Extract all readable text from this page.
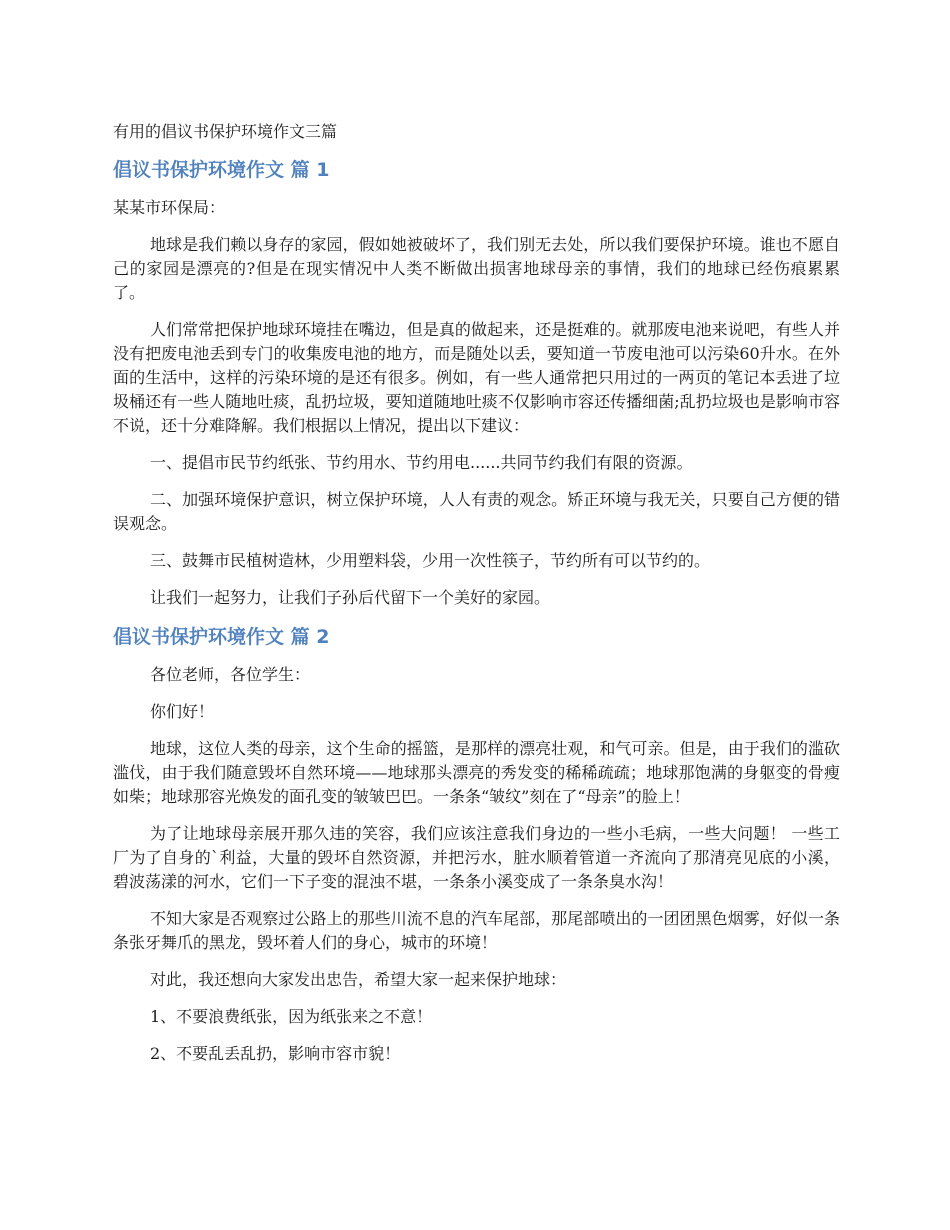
有用的倡议书保护环境作文三篇
倡议书保护环境作文 篇 1
某某市环保局：

地球是我们赖以身存的家园，假如她被破坏了，我们别无去处，所以我们要保护环境。谁也不愿自己的家园是漂亮的?但是在现实情况中人类不断做出损害地球母亲的事情，我们的地球已经伤痕累累了。

人们常常把保护地球环境挂在嘴边，但是真的做起来，还是挺难的。就那废电池来说吧，有些人并没有把废电池丢到专门的收集废电池的地方，而是随处以丢，要知道一节废电池可以污染60升水。在外面的生活中，这样的污染环境的是还有很多。例如，有一些人通常把只用过的一两页的笔记本丢进了垃圾桶还有一些人随地吐痰，乱扔垃圾，要知道随地吐痰不仅影响市容还传播细菌;乱扔垃圾也是影响市容不说，还十分难降解。我们根据以上情况，提出以下建议：

一、提倡市民节约纸张、节约用水、节约用电......共同节约我们有限的资源。

二、加强环境保护意识，树立保护环境，人人有责的观念。矫正环境与我无关，只要自己方便的错误观念。

三、鼓舞市民植树造林，少用塑料袋，少用一次性筷子，节约所有可以节约的。

让我们一起努力，让我们子孙后代留下一个美好的家园。

倡议书保护环境作文 篇 2

各位老师，各位学生：

你们好！

地球，这位人类的母亲，这个生命的摇篮，是那样的漂亮壮观，和气可亲。但是，由于我们的滥砍滥伐，由于我们随意毁坏自然环境——地球那头漂亮的秀发变的稀稀疏疏；地球那饱满的身躯变的骨瘦如柴；地球那容光焕发的面孔变的皱皱巴巴。一条条“皱纹”刻在了“母亲”的脸上！

为了让地球母亲展开那久违的笑容，我们应该注意我们身边的一些小毛病，一些大问题！ 一些工厂为了自身的`利益，大量的毁坏自然资源，并把污水，脏水顺着管道一齐流向了那清亮见底的小溪，碧波荡漾的河水，它们一下子变的混浊不堪，一条条小溪变成了一条条臭水沟！

不知大家是否观察过公路上的那些川流不息的汽车尾部，那尾部喷出的一团团黑色烟雾，好似一条条张牙舞爪的黑龙，毁坏着人们的身心，城市的环境！

对此，我还想向大家发出忠告，希望大家一起来保护地球：

1、不要浪费纸张，因为纸张来之不意！

2、不要乱丢乱扔，影响市容市貌！
